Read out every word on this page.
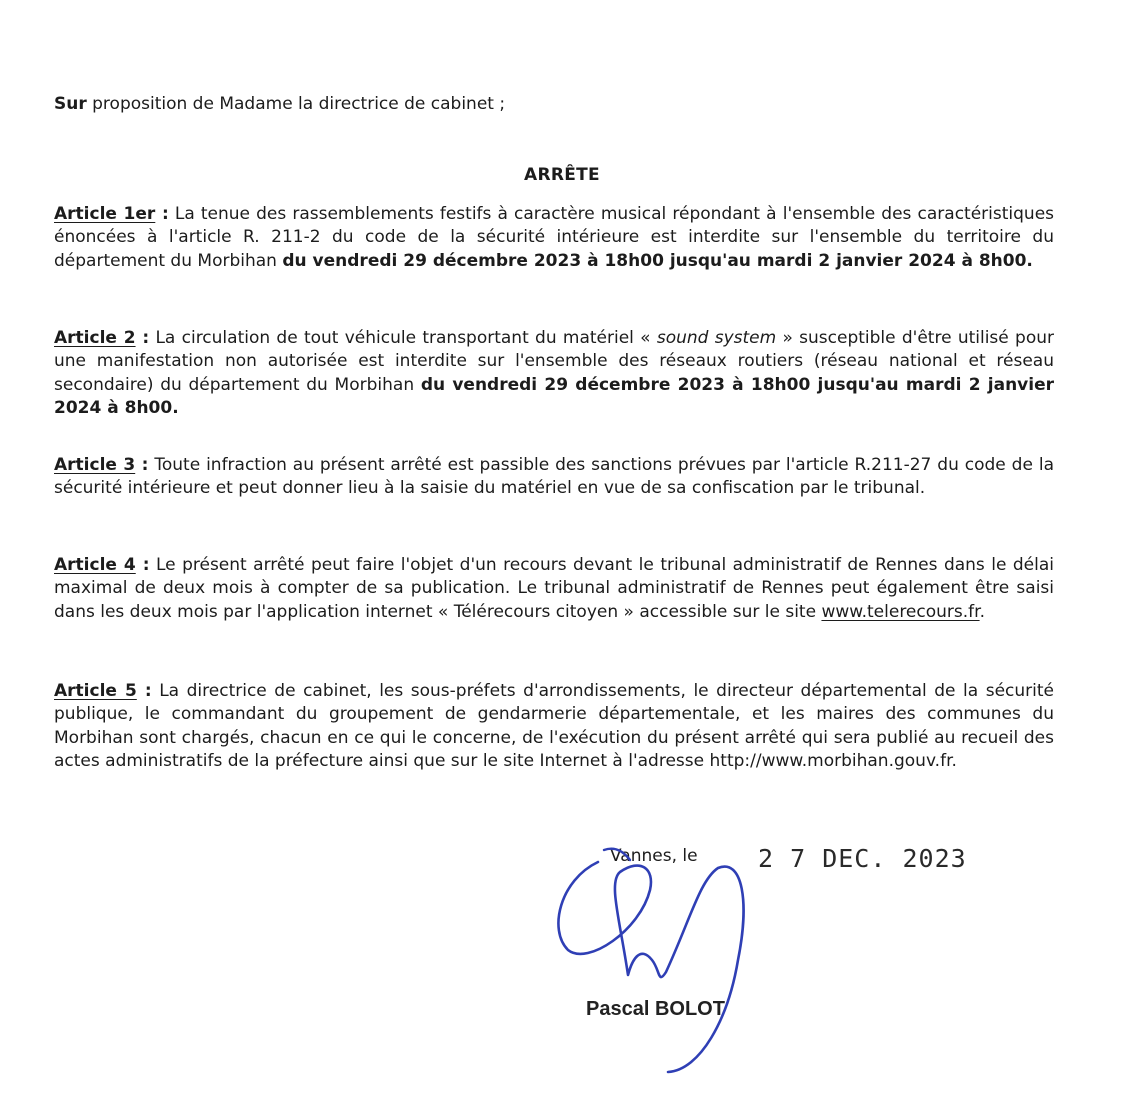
Sur proposition de Madame la directrice de cabinet ;
ARRÊTE
Article 1er : La tenue des rassemblements festifs à caractère musical répondant à l'ensemble des caractéristiques énoncées à l'article R. 211-2 du code de la sécurité intérieure est interdite sur l'ensemble du territoire du département du Morbihan du vendredi 29 décembre 2023 à 18h00 jusqu'au mardi 2 janvier 2024 à 8h00.
Article 2 : La circulation de tout véhicule transportant du matériel « sound system » susceptible d'être utilisé pour une manifestation non autorisée est interdite sur l'ensemble des réseaux routiers (réseau national et réseau secondaire) du département du Morbihan du vendredi 29 décembre 2023 à 18h00 jusqu'au mardi 2 janvier 2024 à 8h00.
Article 3 : Toute infraction au présent arrêté est passible des sanctions prévues par l'article R.211-27 du code de la sécurité intérieure et peut donner lieu à la saisie du matériel en vue de sa confiscation par le tribunal.
Article 4 : Le présent arrêté peut faire l'objet d'un recours devant le tribunal administratif de Rennes dans le délai maximal de deux mois à compter de sa publication. Le tribunal administratif de Rennes peut également être saisi dans les deux mois par l'application internet « Télérecours citoyen » accessible sur le site www.telerecours.fr.
Article 5 : La directrice de cabinet, les sous-préfets d'arrondissements, le directeur départemental de la sécurité publique, le commandant du groupement de gendarmerie départementale, et les maires des communes du Morbihan sont chargés, chacun en ce qui le concerne, de l'exécution du présent arrêté qui sera publié au recueil des actes administratifs de la préfecture ainsi que sur le site Internet à l'adresse http://www.morbihan.gouv.fr.
Vannes, le 2 7 DEC. 2023
Pascal BOLOT
